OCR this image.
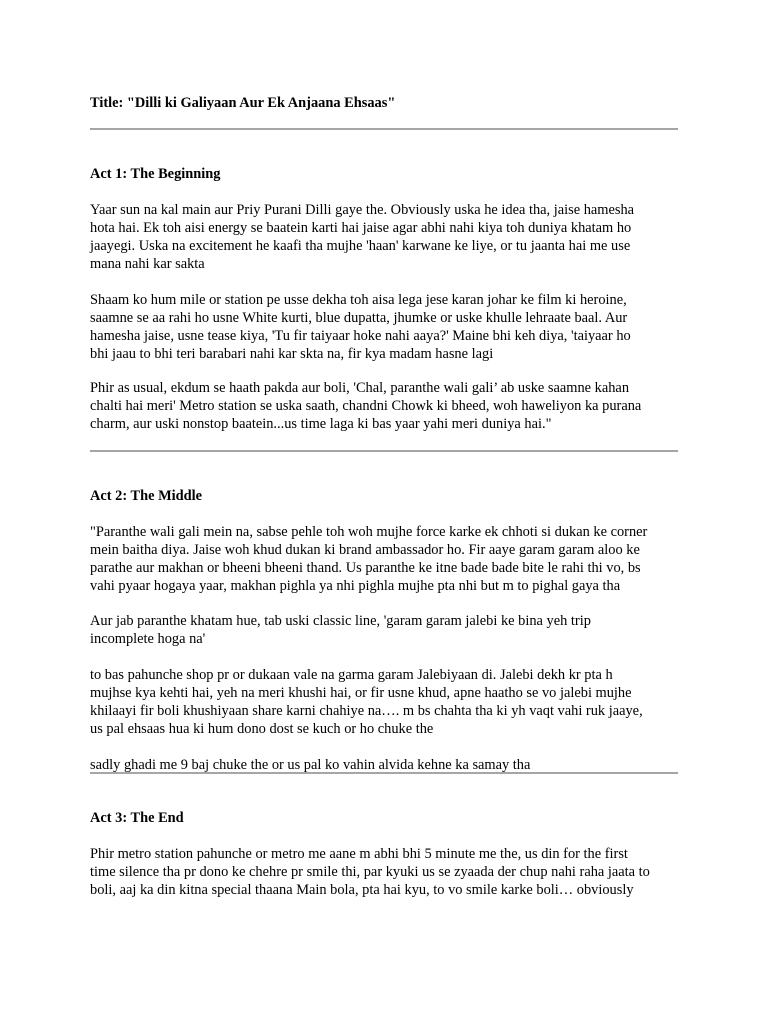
Title: "Dilli ki Galiyaan Aur Ek Anjaana Ehsaas"
Act 1: The Beginning

Yaar sun na kal main aur Priy Purani Dilli gaye the. Obviously uska he idea tha, jaise hamesha
hota hai. Ek toh aisi energy se baatein karti hai jaise agar abhi nahi kiya toh duniya khatam ho
jaayegi. Uska na excitement he kaafi tha mujhe 'haan' karwane ke liye, or tu jaanta hai me use
mana nahi kar sakta

Shaam ko hum mile or station pe usse dekha toh aisa lega jese karan johar ke film ki heroine,
saamne se aa rahi ho usne White kurti, blue dupatta, jhumke or uske khulle lehraate baal. Aur
hamesha jaise, usne tease kiya, 'Tu fir taiyaar hoke nahi aaya?' Maine bhi keh diya, 'taiyaar ho
bhi jaau to bhi teri barabari nahi kar skta na, fir kya madam hasne lagi

Phir as usual, ekdum se haath pakda aur boli, 'Chal, paranthe wali gali’ ab uske saamne kahan
chalti hai meri' Metro station se uska saath, chandni Chowk ki bheed, woh haweliyon ka purana
charm, aur uski nonstop baatein...us time laga ki bas yaar yahi meri duniya hai."

Act 2: The Middle

"Paranthe wali gali mein na, sabse pehle toh woh mujhe force karke ek chhoti si dukan ke corner
mein baitha diya. Jaise woh khud dukan ki brand ambassador ho. Fir aaye garam garam aloo ke
parathe aur makhan or bheeni bheeni thand. Us paranthe ke itne bade bade bite le rahi thi vo, bs
vahi pyaar hogaya yaar, makhan pighla ya nhi pighla mujhe pta nhi but m to pighal gaya tha

Aur jab paranthe khatam hue, tab uski classic line, 'garam garam jalebi ke bina yeh trip
incomplete hoga na'

to bas pahunche shop pr or dukaan vale na garma garam Jalebiyaan di. Jalebi dekh kr pta h
mujhse kya kehti hai, yeh na meri khushi hai, or fir usne khud, apne haatho se vo jalebi mujhe
khilaayi fir boli khushiyaan share karni chahiye na…. m bs chahta tha ki yh vaqt vahi ruk jaaye,
us pal ehsaas hua ki hum dono dost se kuch or ho chuke the

sadly ghadi me 9 baj chuke the or us pal ko vahin alvida kehne ka samay tha

Act 3: The End

Phir metro station pahunche or metro me aane m abhi bhi 5 minute me the, us din for the first
time silence tha pr dono ke chehre pr smile thi, par kyuki us se zyaada der chup nahi raha jaata to
boli, aaj ka din kitna special thaana Main bola, pta hai kyu, to vo smile karke boli… obviously
